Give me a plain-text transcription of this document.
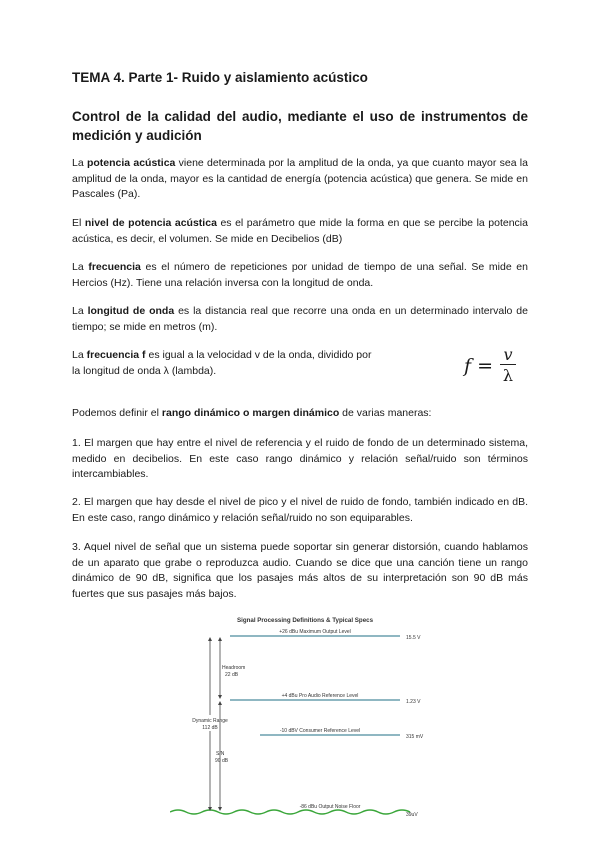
TEMA 4. Parte 1- Ruido y aislamiento acústico
Control de la calidad del audio, mediante el uso de instrumentos de medición y audición

La potencia acústica viene determinada por la amplitud de la onda, ya que cuanto mayor sea la amplitud de la onda, mayor es la cantidad de energía (potencia acústica) que genera. Se mide en Pascales (Pa).

El nivel de potencia acústica es el parámetro que mide la forma en que se percibe la potencia acústica, es decir, el volumen. Se mide en Decibelios (dB)

La frecuencia es el número de repeticiones por unidad de tiempo de una señal. Se mide en Hercios (Hz). Tiene una relación inversa con la longitud de onda.

La longitud de onda es la distancia real que recorre una onda en un determinado intervalo de tiempo; se mide en metros (m).

La frecuencia f es igual a la velocidad v de la onda, dividido por la longitud de onda λ (lambda).	f =
v
λ

Podemos definir el rango dinámico o margen dinámico de varias maneras:

1. El margen que hay entre el nivel de referencia y el ruido de fondo de un determinado sistema, medido en decibelios. En este caso rango dinámico y relación señal/ruido son términos intercambiables.

2. El margen que hay desde el nivel de pico y el nivel de ruido de fondo, también indicado en dB. En este caso, rango dinámico y relación señal/ruido no son equiparables.

3. Aquel nivel de señal que un sistema puede soportar sin generar distorsión, cuando hablamos de un aparato que grabe o reproduzca audio. Cuando se dice que una canción tiene un rango dinámico de 90 dB, significa que los pasajes más altos de su interpretación son 90 dB más fuertes que sus pasajes más bajos.

Signal Processing Definitions & Typical Specs
+26 dBu Maximum Output Level
15.5 V
+4 dBu Pro Audio Reference Level
1.23 V
-10 dBV Consumer Reference Level
315 mV
-86 dBu Output Noise Floor
39uV
Dynamic Range
112 dB
Headroom
22 dB
S/N
90 dB
